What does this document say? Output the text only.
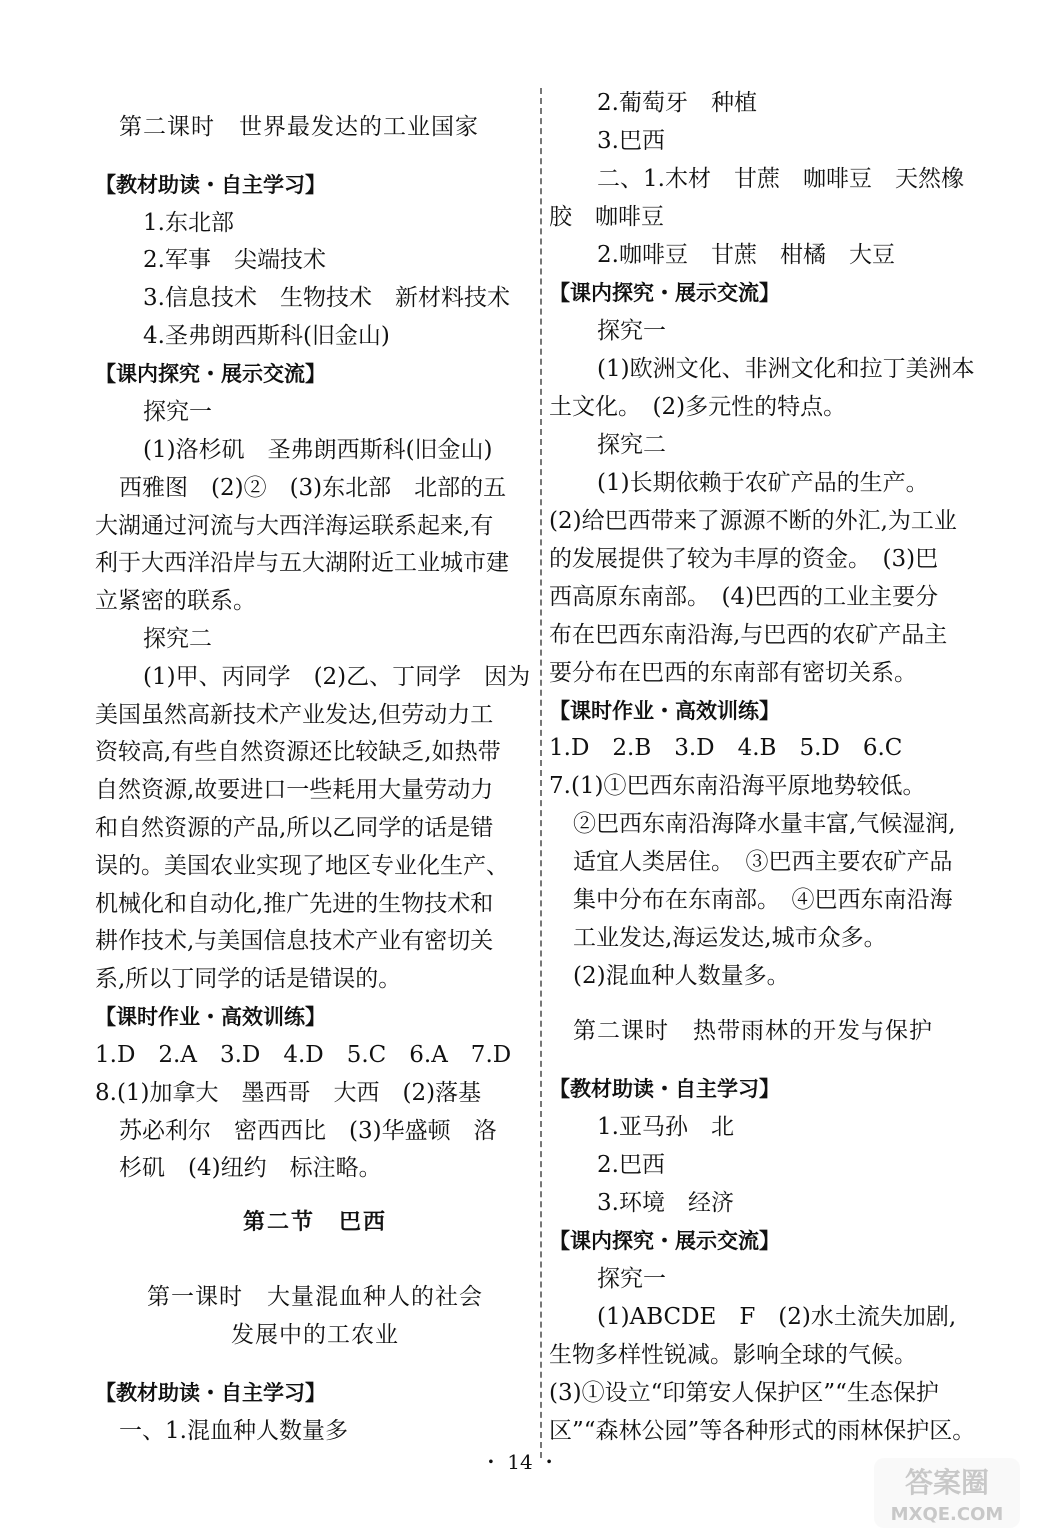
第二课时　世界最发达的工业国家
【教材助读・自主学习】
1.东北部
2.军事　尖端技术
3.信息技术　生物技术　新材料技术
4.圣弗朗西斯科(旧金山)
【课内探究・展示交流】
探究一
(1)洛杉矶　圣弗朗西斯科(旧金山)
西雅图　(2)②　(3)东北部　北部的五
大湖通过河流与大西洋海运联系起来,有
利于大西洋沿岸与五大湖附近工业城市建
立紧密的联系。
探究二
(1)甲、丙同学　(2)乙、丁同学　因为
美国虽然高新技术产业发达,但劳动力工
资较高,有些自然资源还比较缺乏,如热带
自然资源,故要进口一些耗用大量劳动力
和自然资源的产品,所以乙同学的话是错
误的。美国农业实现了地区专业化生产、
机械化和自动化,推广先进的生物技术和
耕作技术,与美国信息技术产业有密切关
系,所以丁同学的话是错误的。
【课时作业・高效训练】
1.D　2.A　3.D　4.D　5.C　6.A　7.D
8.(1)加拿大　墨西哥　大西　(2)落基
苏必利尔　密西西比　(3)华盛顿　洛
杉矶　(4)纽约　标注略。
第二节　巴西
第一课时　大量混血种人的社会
发展中的工农业
【教材助读・自主学习】
一、1.混血种人数量多
2.葡萄牙　种植
3.巴西
二、1.木材　甘蔗　咖啡豆　天然橡
胶　咖啡豆
2.咖啡豆　甘蔗　柑橘　大豆
【课内探究・展示交流】
探究一
(1)欧洲文化、非洲文化和拉丁美洲本
土文化。　(2)多元性的特点。
探究二
(1)长期依赖于农矿产品的生产。
(2)给巴西带来了源源不断的外汇,为工业
的发展提供了较为丰厚的资金。　(3)巴
西高原东南部。　(4)巴西的工业主要分
布在巴西东南沿海,与巴西的农矿产品主
要分布在巴西的东南部有密切关系。
【课时作业・高效训练】
1.D　2.B　3.D　4.B　5.D　6.C
7.(1)①巴西东南沿海平原地势较低。
②巴西东南沿海降水量丰富,气候湿润,
适宜人类居住。　③巴西主要农矿产品
集中分布在东南部。　④巴西东南沿海
工业发达,海运发达,城市众多。
(2)混血种人数量多。
第二课时　热带雨林的开发与保护
【教材助读・自主学习】
1.亚马孙　北
2.巴西
3.环境　经济
【课内探究・展示交流】
探究一
(1)ABCDE　F　(2)水土流失加剧,
生物多样性锐减。影响全球的气候。
(3)①设立“印第安人保护区”“生态保护
区”“森林公园”等各种形式的雨林保护区。
・ 14 ・
答案圈
MXQE.COM
